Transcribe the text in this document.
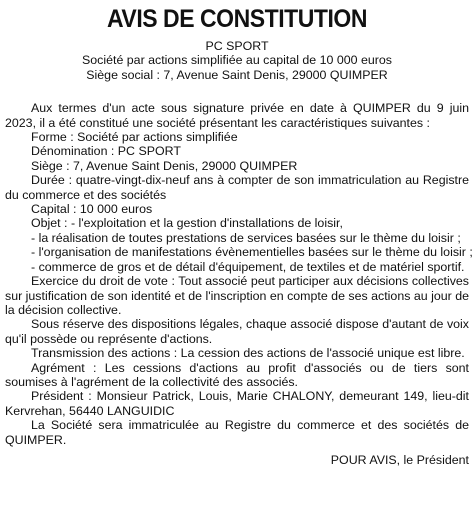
AVIS DE CONSTITUTION
PC SPORT
Société par actions simplifiée au capital de 10 000 euros
Siège social : 7, Avenue Saint Denis, 29000 QUIMPER

Aux termes d'un acte sous signature privée en date à QUIMPER du 9 juin 2023, il a été constitué une société présentant les caractéristiques suivantes :

Forme : Société par actions simplifiée

Dénomination : PC SPORT

Siège : 7, Avenue Saint Denis, 29000 QUIMPER

Durée : quatre-vingt-dix-neuf ans à compter de son immatriculation au Registre du commerce et des sociétés

Capital : 10 000 euros

Objet : - l'exploitation et la gestion d'installations de loisir,

- la réalisation de toutes prestations de services basées sur le thème du loisir ;

- l'organisation de manifestations évènementielles basées sur le thème du loisir ;

- commerce de gros et de détail d'équipement, de textiles et de matériel sportif.

Exercice du droit de vote : Tout associé peut participer aux décisions collectives sur justification de son identité et de l'inscription en compte de ses actions au jour de la décision collective.

Sous réserve des dispositions légales, chaque associé dispose d'autant de voix qu'il possède ou représente d'actions.

Transmission des actions : La cession des actions de l'associé unique est libre.

Agrément : Les cessions d'actions au profit d'associés ou de tiers sont soumises à l'agrément de la collectivité des associés.

Président : Monsieur Patrick, Louis, Marie CHALONY, demeurant 149, lieu-dit Kervrehan, 56440 LANGUIDIC

La Société sera immatriculée au Registre du commerce et des sociétés de QUIMPER.

POUR AVIS, le Président
